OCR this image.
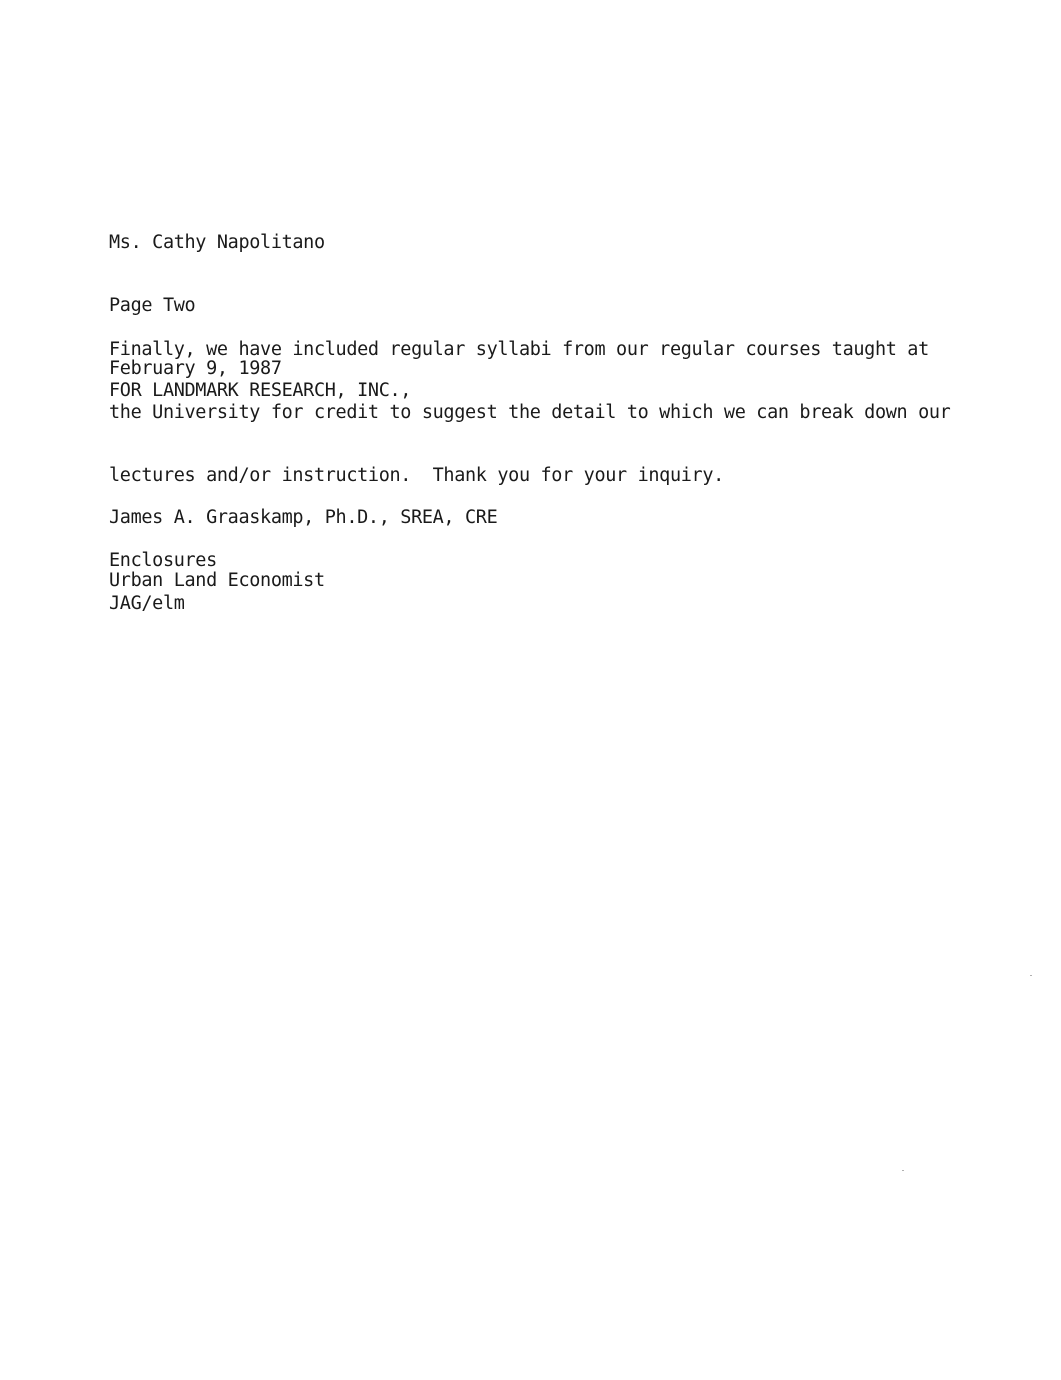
Ms. Cathy Napolitano

Page Two

February 9, 1987

Finally, we have included regular syllabi from our regular courses taught at

the University for credit to suggest the detail to which we can break down our

lectures and/or instruction.  Thank you for your inquiry.

FOR LANDMARK RESEARCH, INC.,

James A. Graaskamp, Ph.D., SREA, CRE

Urban Land Economist

Enclosures
JAG/elm
